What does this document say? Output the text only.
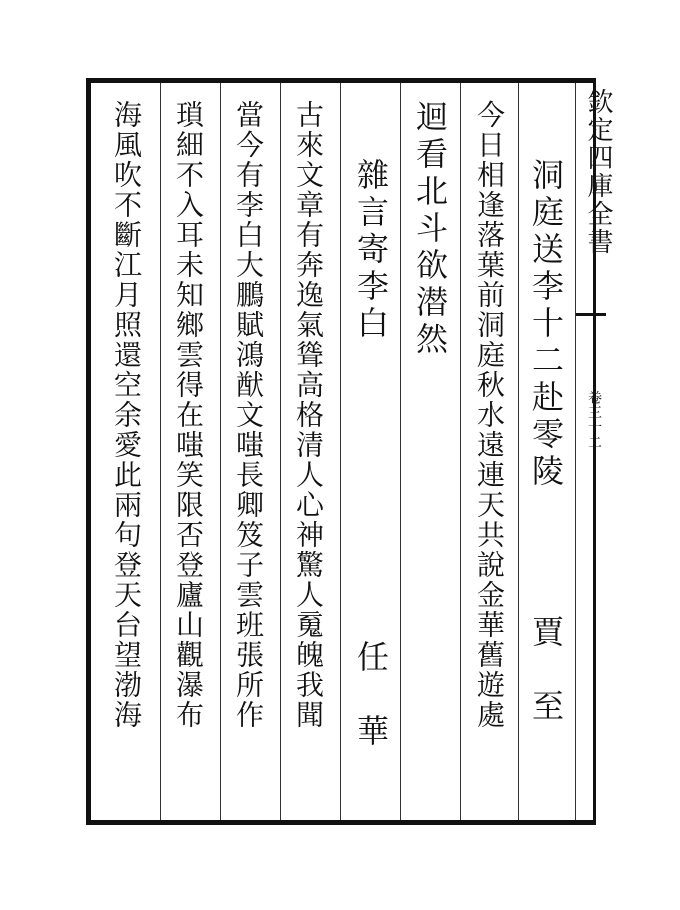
欽定四庫全書
卷三十二
洞庭送李十二赴零陵
賈　至
今日相逢落葉前洞庭秋水遠連天共說金華舊遊處
迴看北斗欲潜然
雜言寄李白
任　華
古來文章有奔逸氣聳高格清人心神驚人䰟魄我聞
當今有李白大鵬賦鴻猷文嗤長卿笈子雲班張所作
瑣細不入耳未知鄉雲得在嗤笑限否登廬山觀瀑布
海風吹不斷江月照還空余愛此兩句登天台望渤海
